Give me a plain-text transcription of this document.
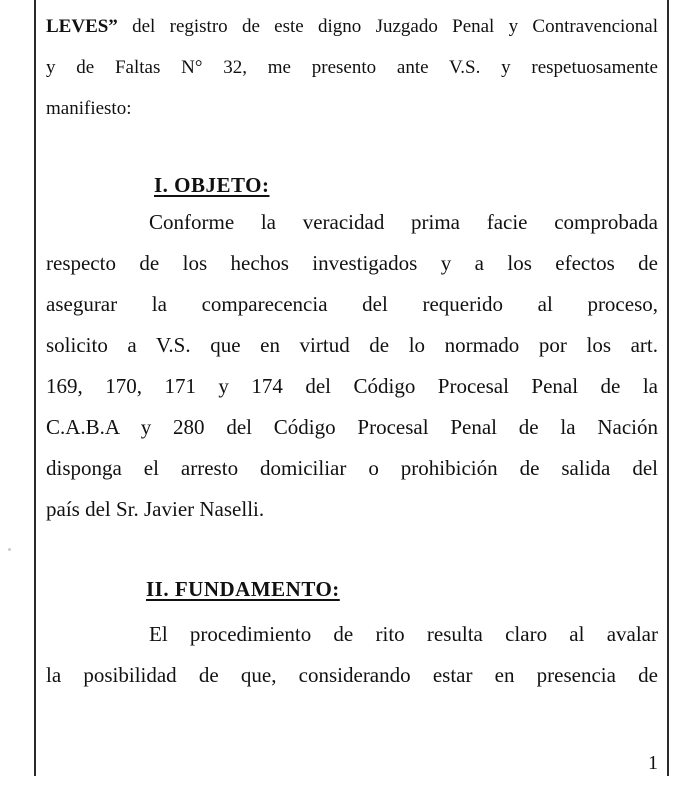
LEVES” del registro de este digno Juzgado Penal y Contravencional

y de Faltas N° 32, me presento ante V.S. y respetuosamente

manifiesto:

I. OBJETO:

Conforme la veracidad prima facie comprobada

respecto de los hechos investigados y a los efectos de

asegurar la comparecencia del requerido al proceso,

solicito a V.S. que en virtud de lo normado por los art.

169, 170, 171 y 174 del Código Procesal Penal de la

C.A.B.A y 280 del Código Procesal Penal de la Nación

disponga el arresto domiciliar o prohibición de salida del

país del Sr. Javier Naselli.

II. FUNDAMENTO:

El procedimiento de rito resulta claro al avalar

la posibilidad de que, considerando estar en presencia de

1
